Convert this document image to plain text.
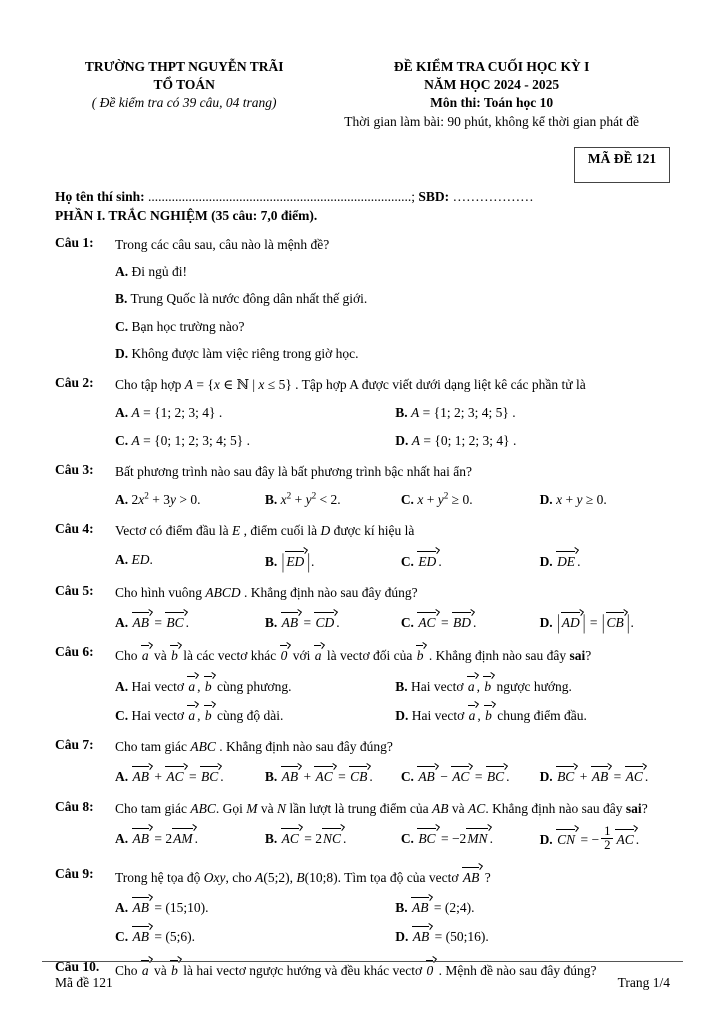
TRƯỜNG THPT NGUYỄN TRÃI
TỔ TOÁN
( Đề kiểm tra có 39 câu, 04 trang)
ĐỀ KIỂM TRA CUỐI HỌC KỲ I
NĂM HỌC 2024 - 2025
Môn thi: Toán học 10
Thời gian làm bài: 90 phút, không kể thời gian phát đề
MÃ ĐỀ 121
Họ tên thí sinh: ..............................................................................; SBD: ………………
PHẦN I. TRẮC NGHIỆM (35 câu: 7,0 điểm).
Câu 1:	Trong các câu sau, câu nào là mệnh đề?
A. Đi ngủ đi!
B. Trung Quốc là nước đông dân nhất thế giới.
C. Bạn học trường nào?
D. Không được làm việc riêng trong giờ học.
Câu 2:	Cho tập hợp A = {x ∈ ℕ | x ≤ 5} . Tập hợp A được viết dưới dạng liệt kê các phần tử là
A. A = {1; 2; 3; 4} .	B. A = {1; 2; 3; 4; 5} .
C. A = {0; 1; 2; 3; 4; 5} .	D. A = {0; 1; 2; 3; 4} .
Câu 3:	Bất phương trình nào sau đây là bất phương trình bậc nhất hai ẩn?
A. $2x^2 + 3y > 0$.	B. $x^2 + y^2 < 2$.	C. $x + y^2 \ge 0$.	D. x + y ≥ 0.
Câu 4:	Vectơ có điểm đầu là E , điểm cuối là D được kí hiệu là
A. ED.	B. | ED |.	C. ED .	D. DE .
Câu 5:	Cho hình vuông ABCD . Khẳng định nào sau đây đúng?
A. AB = BC .	B. AB = CD .	C. AC = BD .	D. | AD | = | CB |.
Câu 6:	Cho a và b là các vectơ khác 0 với a là vectơ đối của b . Khẳng định nào sau đây sai?
A. Hai vectơ a , b cùng phương.	B. Hai vectơ a , b ngược hướng.
C. Hai vectơ a , b cùng độ dài.	D. Hai vectơ a , b chung điểm đầu.
Câu 7:	Cho tam giác ABC . Khẳng định nào sau đây đúng?
A. AB + AC = BC .	B. AB + AC = CB .	C. AB − AC = BC .	D. BC + AB = AC .
Câu 8:	Cho tam giác ABC. Gọi M và N lần lượt là trung điểm của AB và AC. Khẳng định nào sau đây sai?
A. AB = 2AM .	B. AC = 2NC .	C. BC = −2MN .	D. CN = − $\frac{1}{2}$ AC .
Câu 9:	Trong hệ tọa độ Oxy, cho A(5;2), B(10;8). Tìm tọa độ của vectơ AB ?
A. AB = (15;10).	B. AB = (2;4).
C. AB = (5;6).	D. AB = (50;16).
Câu 10.	Cho a và b là hai vectơ ngược hướng và đều khác vectơ 0 . Mệnh đề nào sau đây đúng?
Mã đề 121	Trang 1/4
